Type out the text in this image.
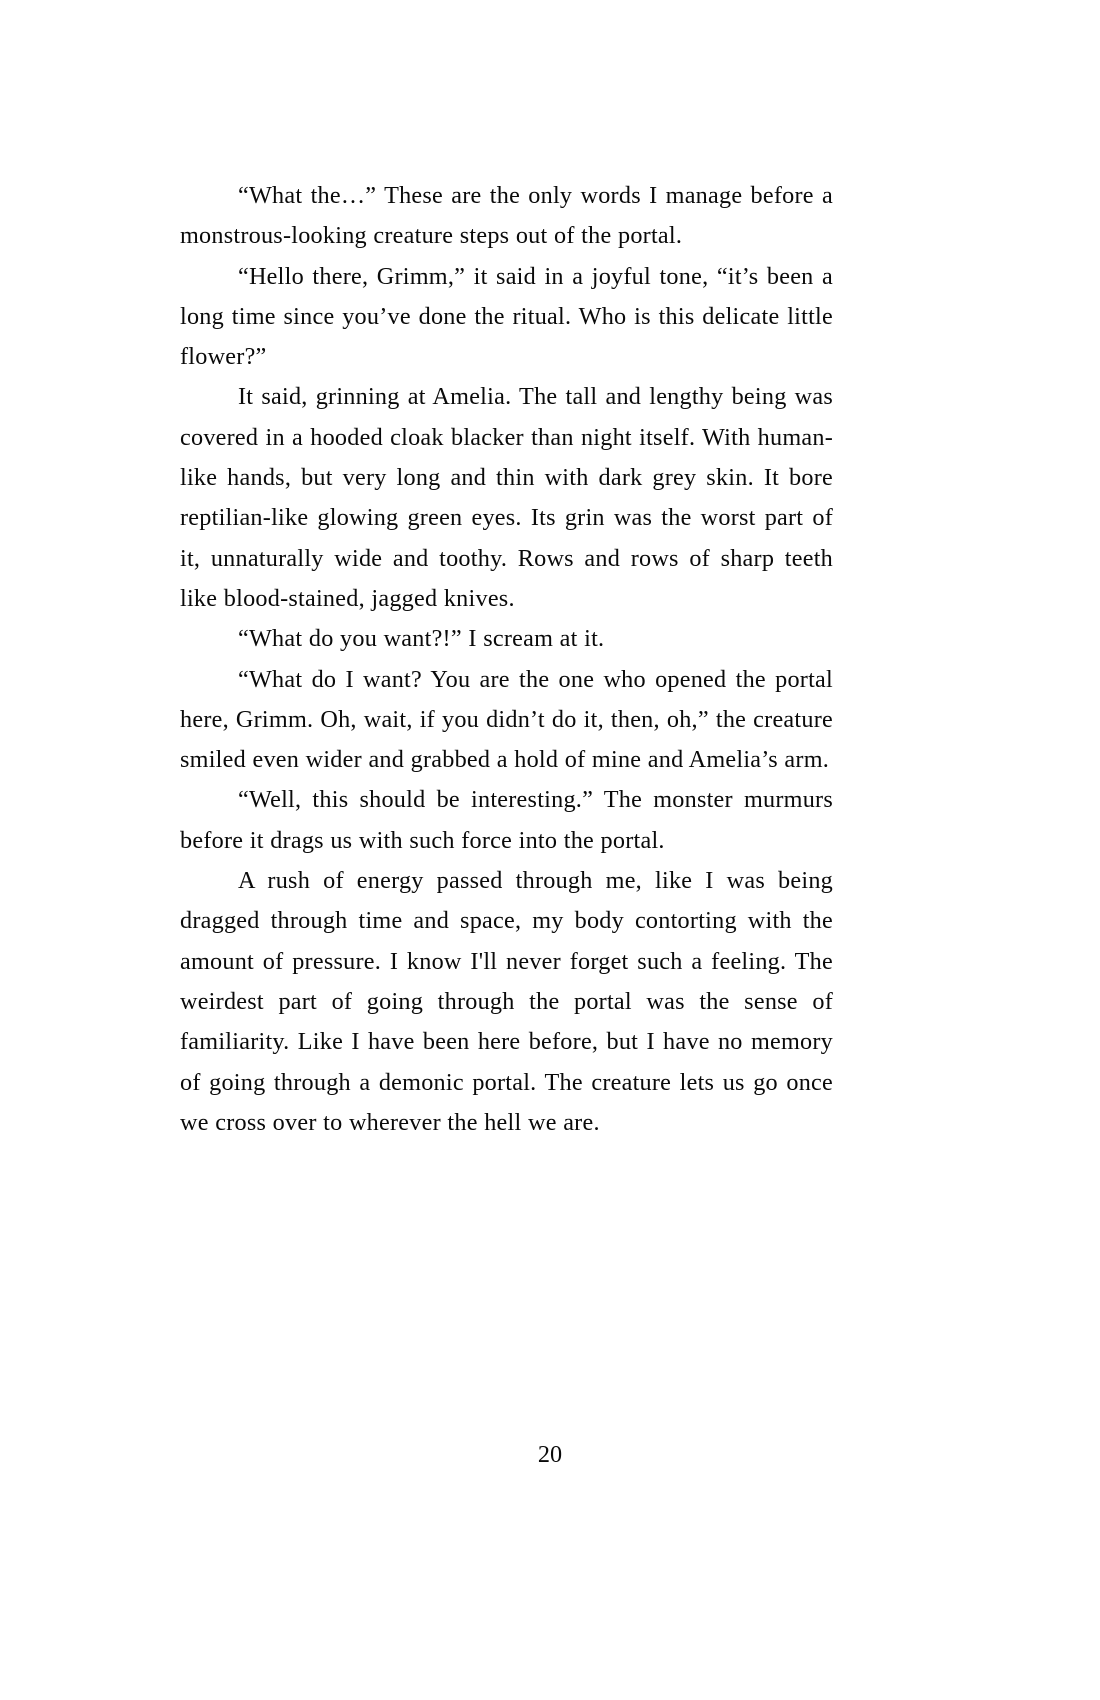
“What the…” These are the only words I manage before a monstrous-looking creature steps out of the portal.

“Hello there, Grimm,” it said in a joyful tone, “it’s been a long time since you’ve done the ritual. Who is this delicate little flower?”

It said, grinning at Amelia. The tall and lengthy being was covered in a hooded cloak blacker than night itself. With human-like hands, but very long and thin with dark grey skin. It bore reptilian-like glowing green eyes. Its grin was the worst part of it, unnaturally wide and toothy. Rows and rows of sharp teeth like blood-stained, jagged knives.

“What do you want?!” I scream at it.

“What do I want? You are the one who opened the portal here, Grimm. Oh, wait, if you didn’t do it, then, oh,” the creature smiled even wider and grabbed a hold of mine and Amelia’s arm.

“Well, this should be interesting.” The monster murmurs before it drags us with such force into the portal.

A rush of energy passed through me, like I was being dragged through time and space, my body contorting with the amount of pressure. I know I'll never forget such a feeling. The weirdest part of going through the portal was the sense of familiarity. Like I have been here before, but I have no memory of going through a demonic portal. The creature lets us go once we cross over to wherever the hell we are.

20
